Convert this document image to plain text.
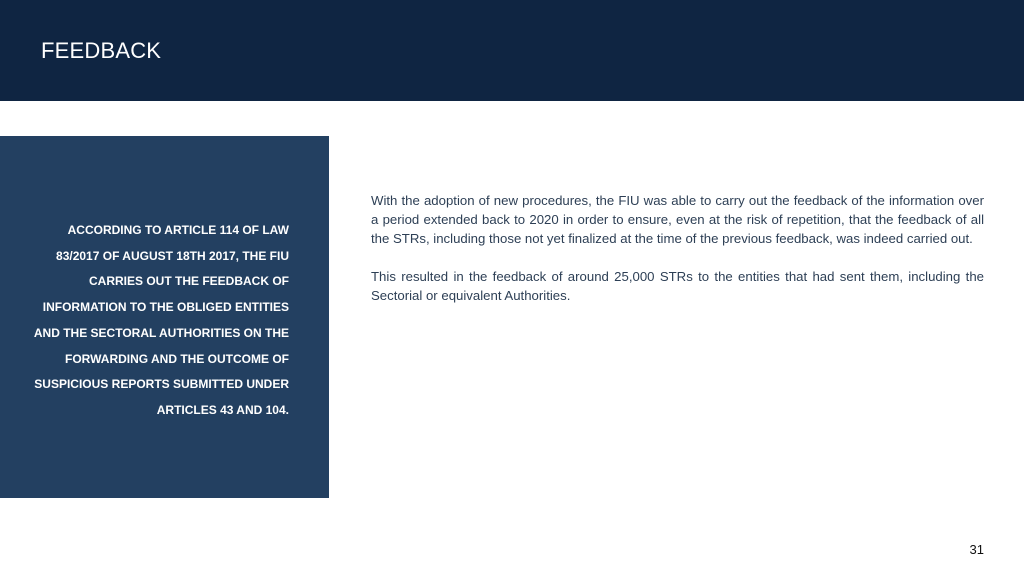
FEEDBACK
ACCORDING TO ARTICLE 114 OF LAW
83/2017 OF AUGUST 18TH 2017, THE FIU
CARRIES OUT THE FEEDBACK OF
INFORMATION TO THE OBLIGED ENTITIES
AND THE SECTORAL AUTHORITIES ON THE
FORWARDING AND THE OUTCOME OF
SUSPICIOUS REPORTS SUBMITTED UNDER
ARTICLES 43 AND 104.

With the adoption of new procedures, the FIU was able to carry out the feedback of the information over a period extended back to 2020 in order to ensure, even at the risk of repetition, that the feedback of all the STRs, including those not yet finalized at the time of the previous feedback, was indeed carried out.

This resulted in the feedback of around 25,000 STRs to the entities that had sent them, including the Sectorial or equivalent Authorities.

31
